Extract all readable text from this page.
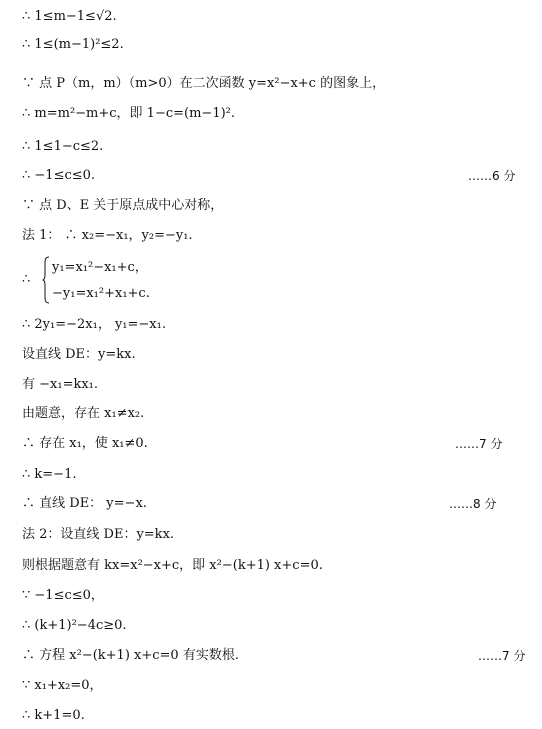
∴ 1≤m−1≤√2.
∴ 1≤(m−1)²≤2.
∵ 点 P（m，m）（m>0）在二次函数 y=x²−x+c 的图象上，
∴ m=m²−m+c，即 1−c=(m−1)².
∴ 1≤1−c≤2.
∴ −1≤c≤0.	……6 分
∵ 点 D、E 关于原点成中心对称，
法 1： ∴ x₂=−x₁，y₂=−y₁.
∴
y₁=x₁²−x₁+c，
−y₁=x₁²+x₁+c.
∴ 2y₁=−2x₁， y₁=−x₁.
设直线 DE：y=kx.
有 −x₁=kx₁.
由题意，存在 x₁≠x₂.
∴ 存在 x₁，使 x₁≠0.	……7 分
∴ k=−1.
∴ 直线 DE： y=−x.	……8 分
法 2：设直线 DE：y=kx.
则根据题意有 kx=x²−x+c，即 x²−(k+1) x+c=0.
∵ −1≤c≤0，
∴ (k+1)²−4c≥0.
∴ 方程 x²−(k+1) x+c=0 有实数根.	……7 分
∵ x₁+x₂=0，
∴ k+1=0.
